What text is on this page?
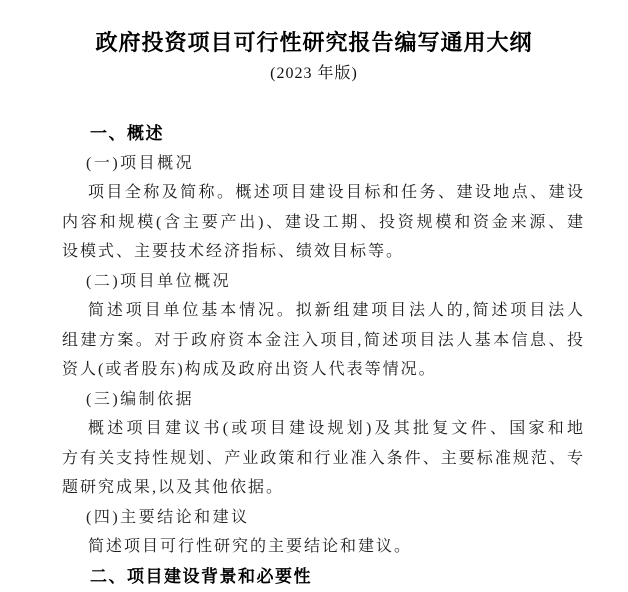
政府投资项目可行性研究报告编写通用大纲
(2023 年版)
一、概述
(一)项目概况
项目全称及简称。概述项目建设目标和任务、建设地点、建设
内容和规模(含主要产出)、建设工期、投资规模和资金来源、建
设模式、主要技术经济指标、绩效目标等。
(二)项目单位概况
简述项目单位基本情况。拟新组建项目法人的,简述项目法人
组建方案。对于政府资本金注入项目,简述项目法人基本信息、投
资人(或者股东)构成及政府出资人代表等情况。
(三)编制依据
概述项目建议书(或项目建设规划)及其批复文件、国家和地
方有关支持性规划、产业政策和行业准入条件、主要标准规范、专
题研究成果,以及其他依据。
(四)主要结论和建议
简述项目可行性研究的主要结论和建议。
二、项目建设背景和必要性
